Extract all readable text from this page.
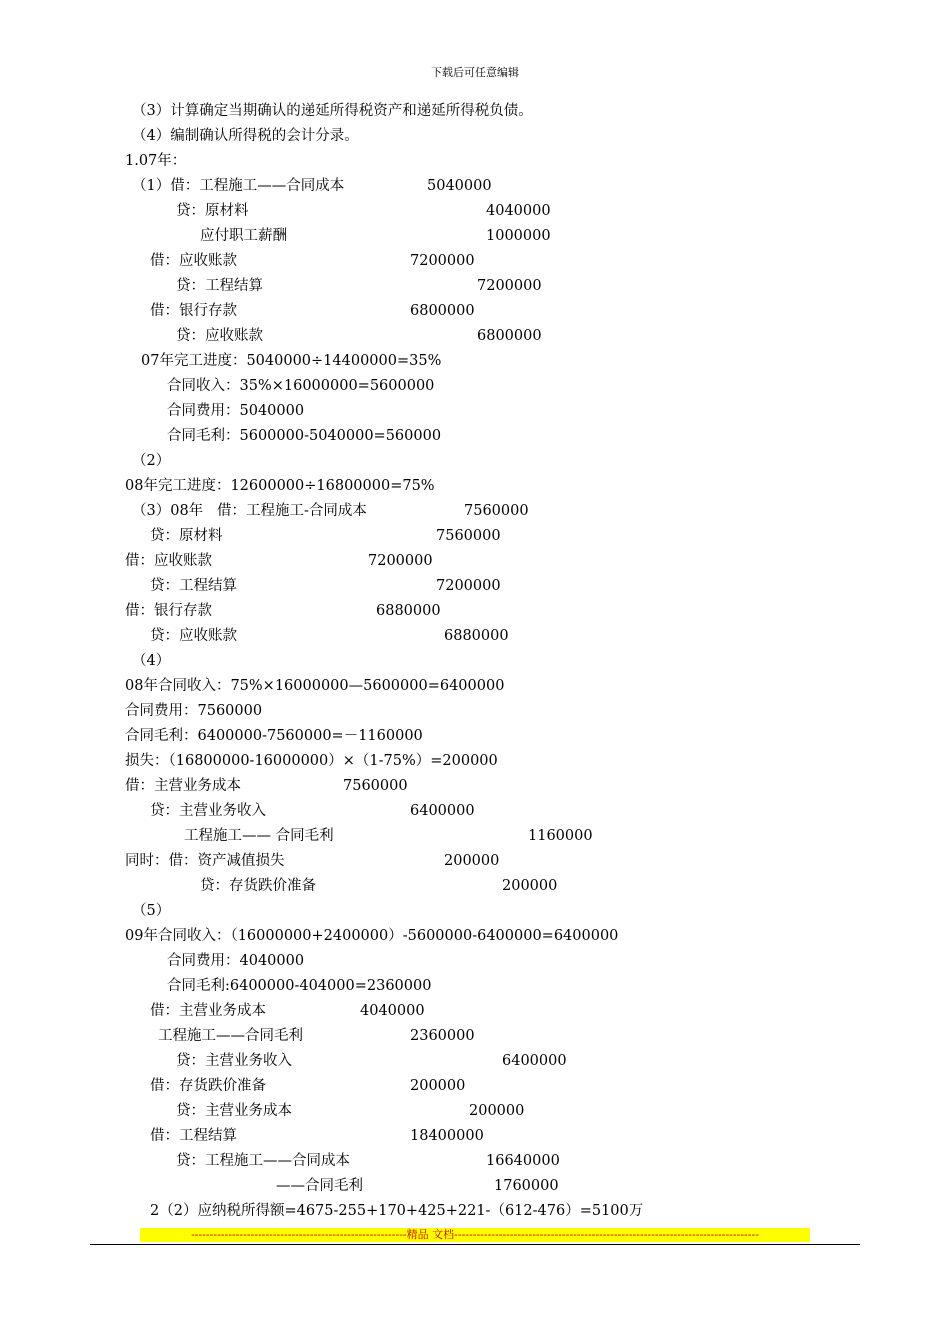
下载后可任意编辑
（3）计算确定当期确认的递延所得税资产和递延所得税负债。
（4）编制确认所得税的会计分录。
1.07年：
（1）借：工程施工——合同成本	5040000
贷：原材料	4040000
应付职工薪酬	1000000
借：应收账款	7200000
贷：工程结算	7200000
借：银行存款	6800000
贷：应收账款	6800000
07年完工进度：5040000÷14400000=35%
合同收入：35%×16000000=5600000
合同费用：5040000
合同毛利：5600000-5040000=560000
（2）
08年完工进度：12600000÷16800000=75%
（3）08年   借：工程施工-合同成本	7560000
贷：原材料	7560000
借：应收账款	7200000
贷：工程结算	7200000
借：银行存款	6880000
贷：应收账款	6880000
（4）
08年合同收入：75%×16000000—5600000=6400000
合同费用：7560000
合同毛利：6400000-7560000=－1160000
损失：（16800000-16000000）×（1-75%）=200000
借：主营业务成本	7560000
贷：主营业务收入	6400000
工程施工—— 合同毛利	1160000
同时：借：资产减值损失	200000
贷：存货跌价准备	200000
（5）
09年合同收入：（16000000+2400000）-5600000-6400000=6400000
合同费用：4040000
合同毛利:6400000-404000=2360000
借：主营业务成本	4040000
工程施工——合同毛利	2360000
贷：主营业务收入	6400000
借：存货跌价准备	200000
贷：主营业务成本	200000
借：工程结算	18400000
贷：工程施工——合同成本	16640000
——合同毛利	1760000
2（2）应纳税所得额=4675-255+170+425+221-（612-476）=5100万
----------------------------------------------------------精品 文档----------------------------------------------------------------------------------
